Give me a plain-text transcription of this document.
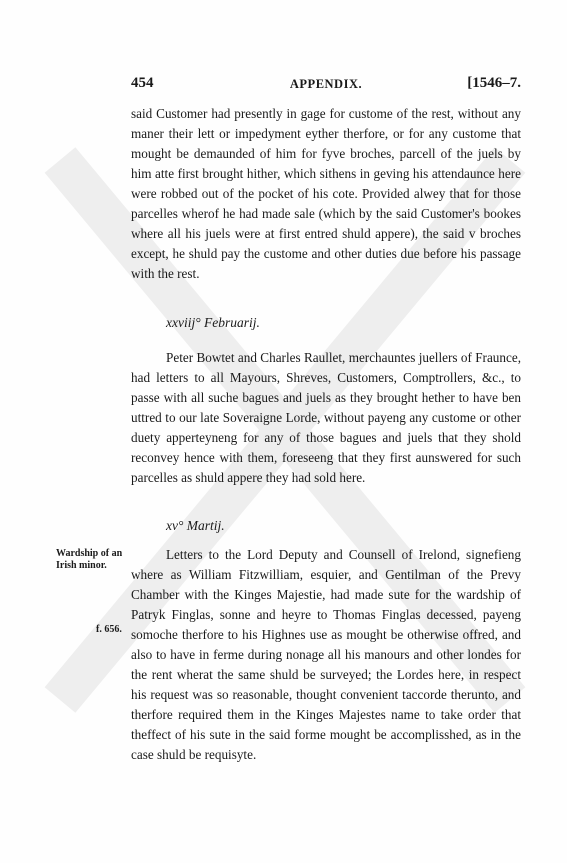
454	APPENDIX.	[1546–7.

said Customer had presently in gage for custome of the rest, without any maner their lett or impedyment eyther therfore, or for any custome that mought be demaunded of him for fyve broches, parcell of the juels by him atte first brought hither, which sithens in geving his attendaunce here were robbed out of the pocket of his cote. Provided alwey that for those parcelles wherof he had made sale (which by the said Customer's bookes where all his juels were at first entred shuld appere), the said v broches except, he shuld pay the custome and other duties due before his passage with the rest.

xxviij° Februarij.

Peter Bowtet and Charles Raullet, merchauntes juellers of Fraunce, had letters to all Mayours, Shreves, Customers, Comptrollers, &c., to passe with all suche bagues and juels as they brought hether to have ben uttred to our late Soveraigne Lorde, without payeng any custome or other duety apperteyneng for any of those bagues and juels that they shold reconvey hence with them, foreseeng that they first aunswered for such parcelles as shuld appere they had sold here.

xv° Martij.
Wardship of an Irish minor.
f. 656.

Letters to the Lord Deputy and Counsell of Irelond, signefieng where as William Fitzwilliam, esquier, and Gentilman of the Prevy Chamber with the Kinges Majestie, had made sute for the wardship of Patryk Finglas, sonne and heyre to Thomas Finglas decessed, payeng somoche therfore to his Highnes use as mought be otherwise offred, and also to have in ferme during nonage all his manours and other londes for the rent wherat the same shuld be surveyed; the Lordes here, in respect his request was so reasonable, thought convenient taccorde therunto, and therfore required them in the Kinges Majestes name to take order that theffect of his sute in the said forme mought be accomplisshed, as in the case shuld be requisyte.
